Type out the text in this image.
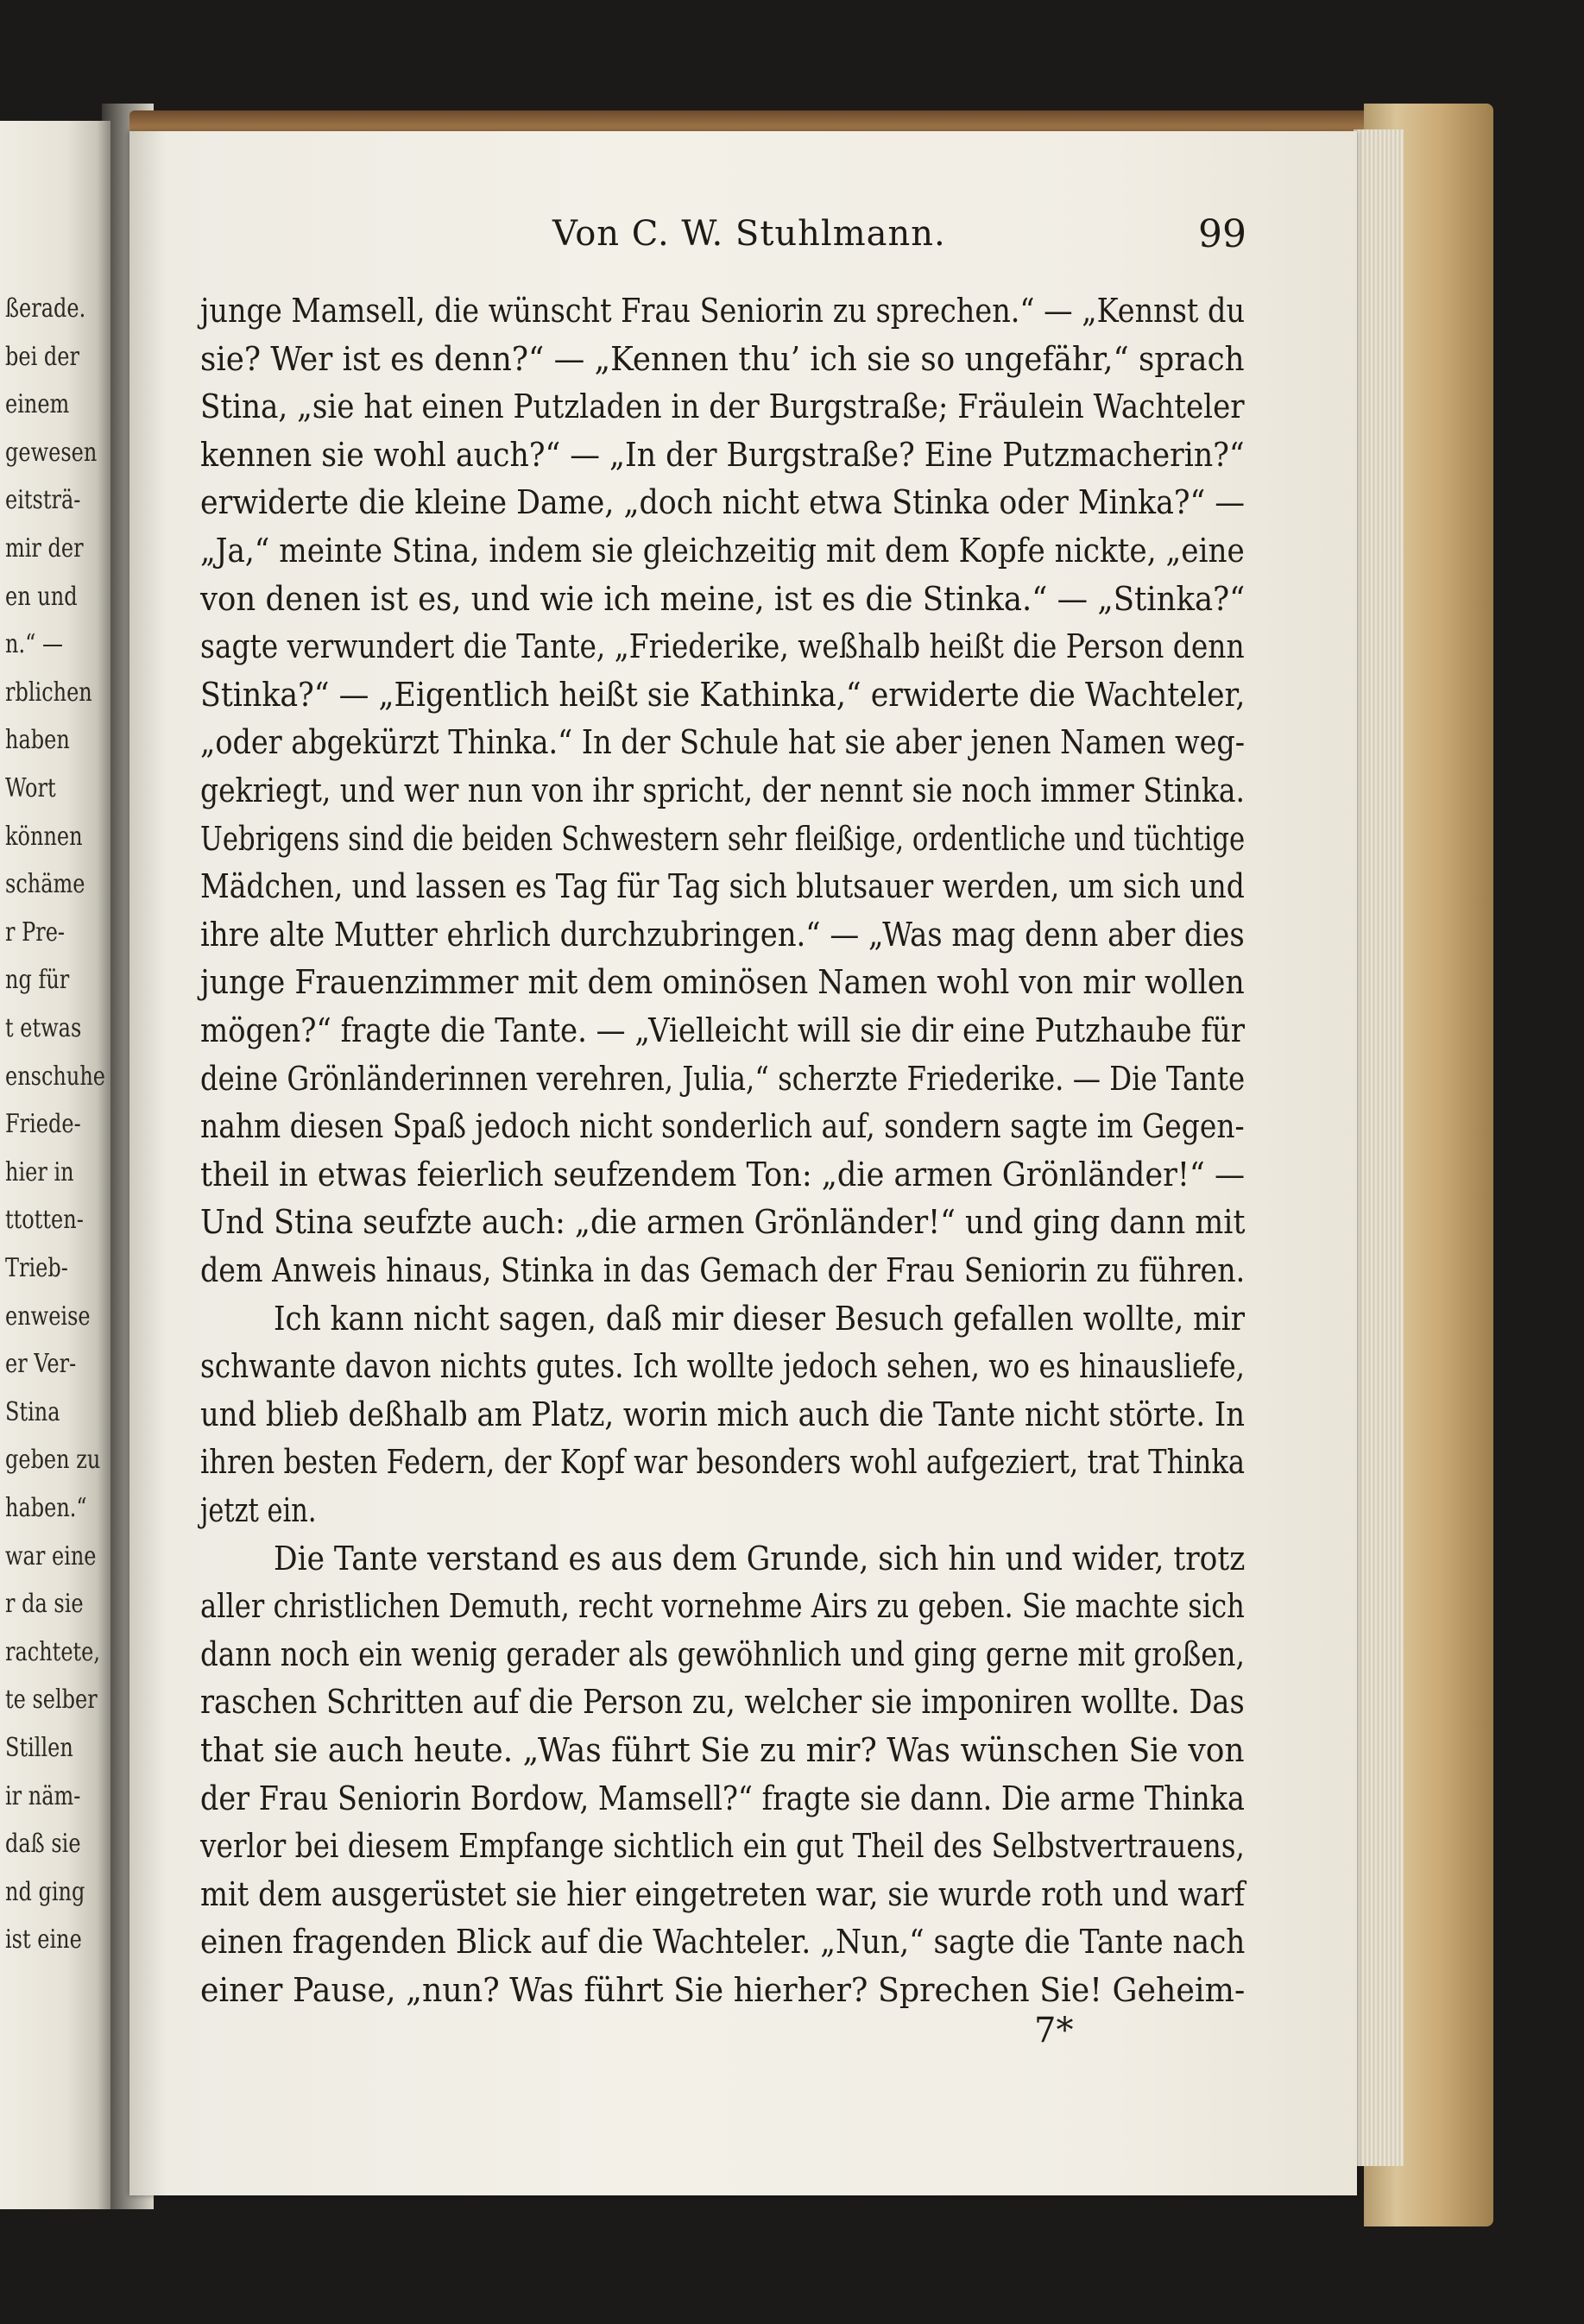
ßerade.
bei der
einem
gewesen
eitsträ-
mir der
en und
n.“ —
rblichen
haben
Wort
können
schäme
r Pre-
ng für
t etwas
enschuhe
Friede-
hier in
ttotten-
Trieb-
enweise
er Ver-
Stina
geben zu
haben.“
war eine
r da sie
rachtete,
te selber
Stillen
ir näm-
daß sie
nd ging
ist eine
Von C. W. Stuhlmann.	99
junge Mamsell, die wünscht Frau Seniorin zu sprechen.“ — „Kennst du
sie? Wer ist es denn?“ — „Kennen thu’ ich sie so ungefähr,“ sprach
Stina, „sie hat einen Putzladen in der Burgstraße; Fräulein Wachteler
kennen sie wohl auch?“ — „In der Burgstraße? Eine Putzmacherin?“
erwiderte die kleine Dame, „doch nicht etwa Stinka oder Minka?“ —
„Ja,“ meinte Stina, indem sie gleichzeitig mit dem Kopfe nickte, „eine
von denen ist es, und wie ich meine, ist es die Stinka.“ — „Stinka?“
sagte verwundert die Tante, „Friederike, weßhalb heißt die Person denn
Stinka?“ — „Eigentlich heißt sie Kathinka,“ erwiderte die Wachteler,
„oder abgekürzt Thinka.“ In der Schule hat sie aber jenen Namen weg-
gekriegt, und wer nun von ihr spricht, der nennt sie noch immer Stinka.
Uebrigens sind die beiden Schwestern sehr fleißige, ordentliche und tüchtige
Mädchen, und lassen es Tag für Tag sich blutsauer werden, um sich und
ihre alte Mutter ehrlich durchzubringen.“ — „Was mag denn aber dies
junge Frauenzimmer mit dem ominösen Namen wohl von mir wollen
mögen?“ fragte die Tante. — „Vielleicht will sie dir eine Putzhaube für
deine Grönländerinnen verehren, Julia,“ scherzte Friederike. — Die Tante
nahm diesen Spaß jedoch nicht sonderlich auf, sondern sagte im Gegen-
theil in etwas feierlich seufzendem Ton: „die armen Grönländer!“ —
Und Stina seufzte auch: „die armen Grönländer!“ und ging dann mit
dem Anweis hinaus, Stinka in das Gemach der Frau Seniorin zu führen.
Ich kann nicht sagen, daß mir dieser Besuch gefallen wollte, mir
schwante davon nichts gutes. Ich wollte jedoch sehen, wo es hinausliefe,
und blieb deßhalb am Platz, worin mich auch die Tante nicht störte. In
ihren besten Federn, der Kopf war besonders wohl aufgeziert, trat Thinka
jetzt ein.
Die Tante verstand es aus dem Grunde, sich hin und wider, trotz
aller christlichen Demuth, recht vornehme Airs zu geben. Sie machte sich
dann noch ein wenig gerader als gewöhnlich und ging gerne mit großen,
raschen Schritten auf die Person zu, welcher sie imponiren wollte. Das
that sie auch heute. „Was führt Sie zu mir? Was wünschen Sie von
der Frau Seniorin Bordow, Mamsell?“ fragte sie dann. Die arme Thinka
verlor bei diesem Empfange sichtlich ein gut Theil des Selbstvertrauens,
mit dem ausgerüstet sie hier eingetreten war, sie wurde roth und warf
einen fragenden Blick auf die Wachteler. „Nun,“ sagte die Tante nach
einer Pause, „nun? Was führt Sie hierher? Sprechen Sie! Geheim-
7*
